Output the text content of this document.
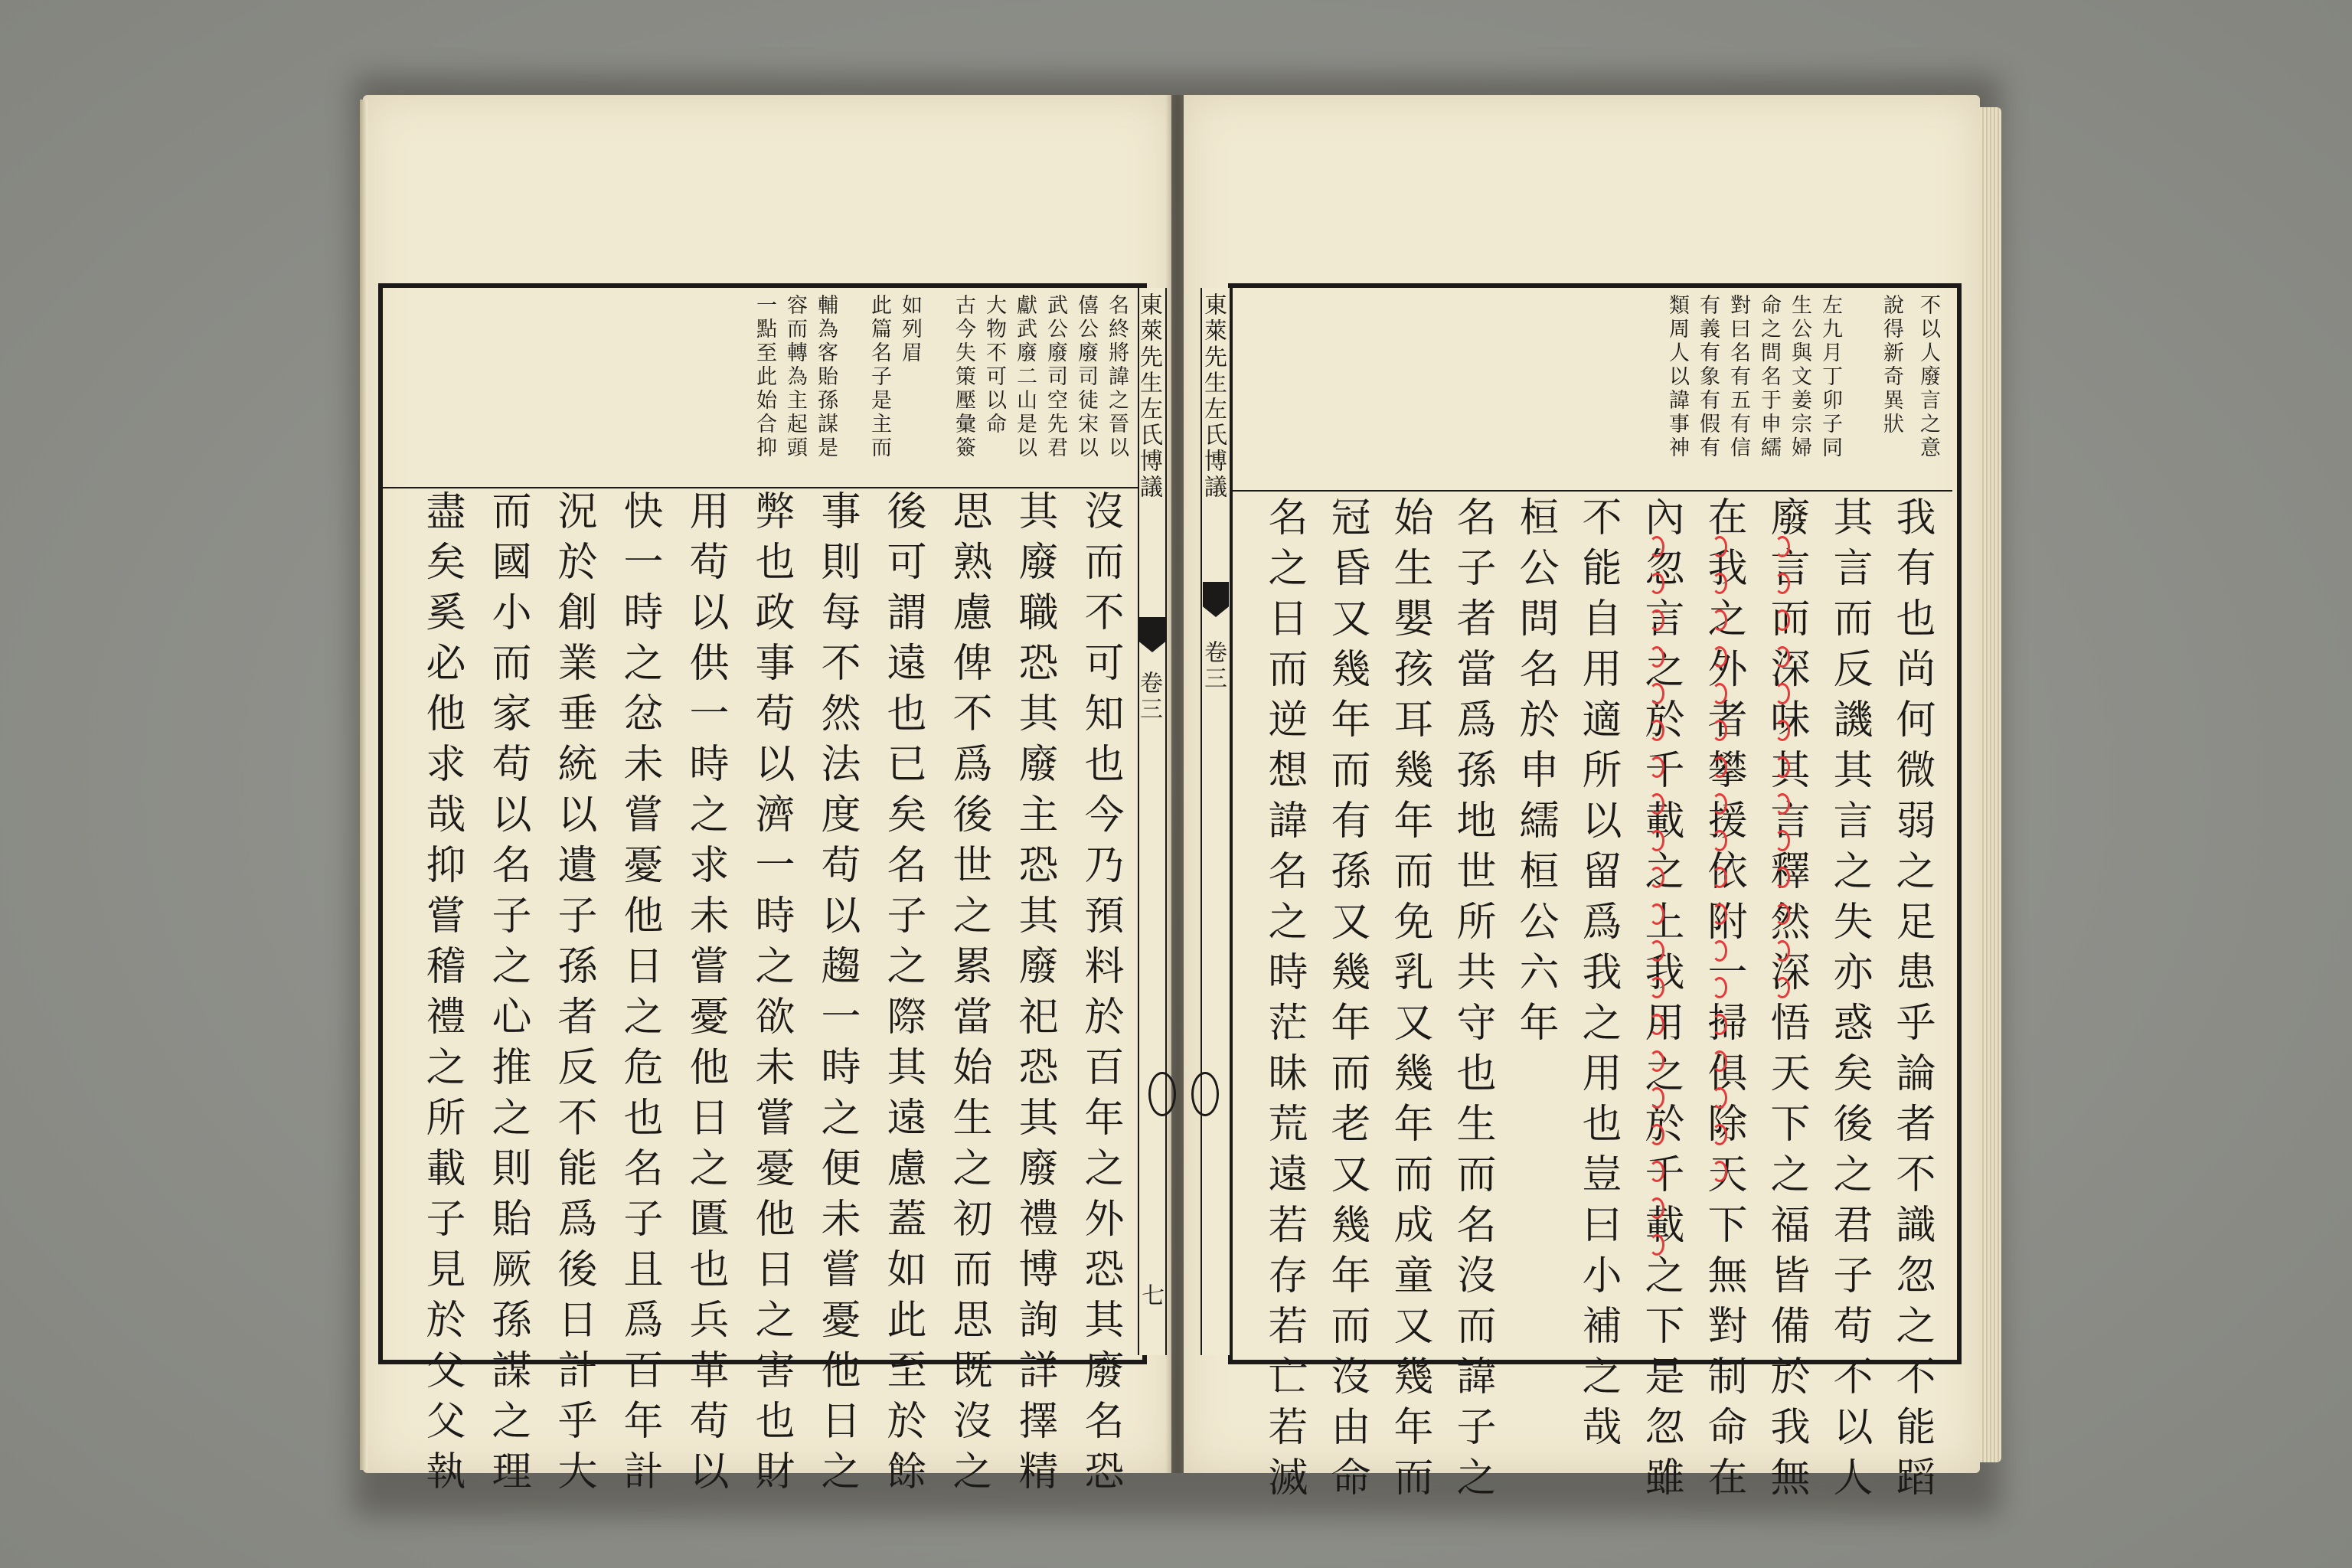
東萊先生左氏博議
卷三
七
東萊先生左氏博議
卷三
名終將諱之晉以
僖公廢司徒宋以
武公廢司空先君
獻武廢二山是以
大物不可以命
古今失策壓彙簽
如列眉
此篇名子是主而
輔為客貽孫謀是
容而轉為主起頭
一點至此始合抑
沒而不可知也今乃預料於百年之外恐其廢名恐
其廢職恐其廢主恐其廢祀恐其廢禮博詢詳擇精
思熟慮俾不爲後世之累當始生之初而思既沒之
後可謂遠也已矣名子之際其遠慮蓋如此至於餘
事則每不然法度苟以趨一時之便未嘗憂他日之
弊也政事苟以濟一時之欲未嘗憂他日之害也財
用苟以供一時之求未嘗憂他日之匱也兵革苟以
快一時之忿未嘗憂他日之危也名子且爲百年計
況於創業垂統以遺子孫者反不能爲後日計乎大
而國小而家苟以名子之心推之則貽厥孫謀之理
盡矣奚必他求哉抑嘗稽禮之所載子見於父父執
不以人廢言之意
說得新奇異狀
左九月丁卯子同
生公與文姜宗婦
命之問名于申繻
對曰名有五有信
有義有象有假有
類周人以諱事神
我有也尚何微弱之足患乎論者不識忽之不能蹈
其言而反譏其言之失亦惑矣後之君子苟不以人
廢言而深味其言釋然深悟天下之福皆備於我無
在我之外者攀援依附一掃俱除天下無對制命在
內忽言之於千載之上我用之於千載之下是忽雖
不能自用適所以留爲我之用也豈曰小補之哉
桓公問名於申繻桓公六年
名子者當爲孫地世所共守也生而名沒而諱子之
始生嬰孩耳幾年而免乳又幾年而成童又幾年而
冠昏又幾年而有孫又幾年而老又幾年而沒由命
名之日而逆想諱名之時茫昧荒遠若存若亡若滅
